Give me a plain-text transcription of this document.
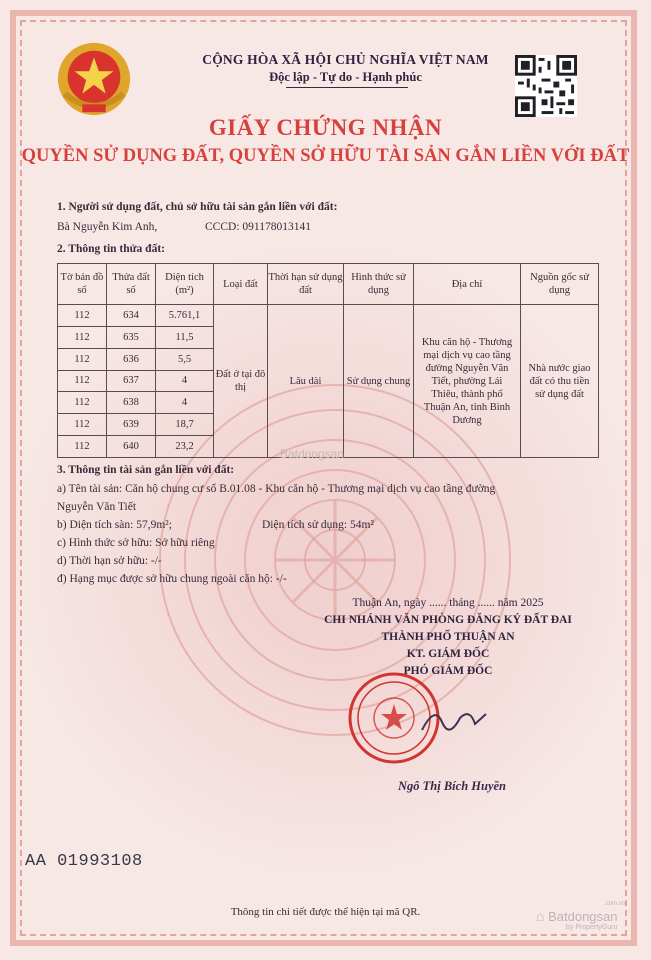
CỘNG HÒA XÃ HỘI CHỦ NGHĨA VIỆT NAM
Độc lập - Tự do - Hạnh phúc
GIẤY CHỨNG NHẬN
QUYỀN SỬ DỤNG ĐẤT, QUYỀN SỞ HỮU TÀI SẢN GẮN LIỀN VỚI ĐẤT
1. Người sử dụng đất, chủ sở hữu tài sản gắn liền với đất:
Bà Nguyễn Kim Anh,	CCCD: 091178013141
2. Thông tin thửa đất:
Tờ bản đồ số	Thửa đất số	Diện tích (m²)	Loại đất	Thời hạn sử dụng đất	Hình thức sử dụng	Địa chỉ	Nguồn gốc sử dụng
112	634	5.761,1	Đất ở tại đô thị	Lâu dài	Sử dụng chung	Khu căn hộ - Thương mại dịch vụ cao tầng đường Nguyễn Văn Tiết, phường Lái Thiêu, thành phố Thuận An, tỉnh Bình Dương	Nhà nước giao đất có thu tiền sử dụng đất
112	635	11,5					
112	636	5,5					
112	637	4					
112	638	4					
112	639	18,7					
112	640	23,2					
Batdongsan
3. Thông tin tài sản gắn liền với đất:
a) Tên tài sản: Căn hộ chung cư số B.01.08 - Khu căn hộ - Thương mại dịch vụ cao tầng đường
Nguyễn Văn Tiết
b) Diện tích sàn: 57,9m²;	Diện tích sử dụng: 54m²
c) Hình thức sở hữu: Sở hữu riêng
d) Thời hạn sở hữu: -/-
đ) Hạng mục được sở hữu chung ngoài căn hộ: -/-
Thuận An, ngày ...... tháng ...... năm 2025
CHI NHÁNH VĂN PHÒNG ĐĂNG KÝ ĐẤT ĐAI
THÀNH PHỐ THUẬN AN
KT. GIÁM ĐỐC
PHÓ GIÁM ĐỐC
Ngô Thị Bích Huyền
AA 01993108
Thông tin chi tiết được thể hiện tại mã QR.	⌂ Batdongsan
by PropertyGuru
.com.vn
